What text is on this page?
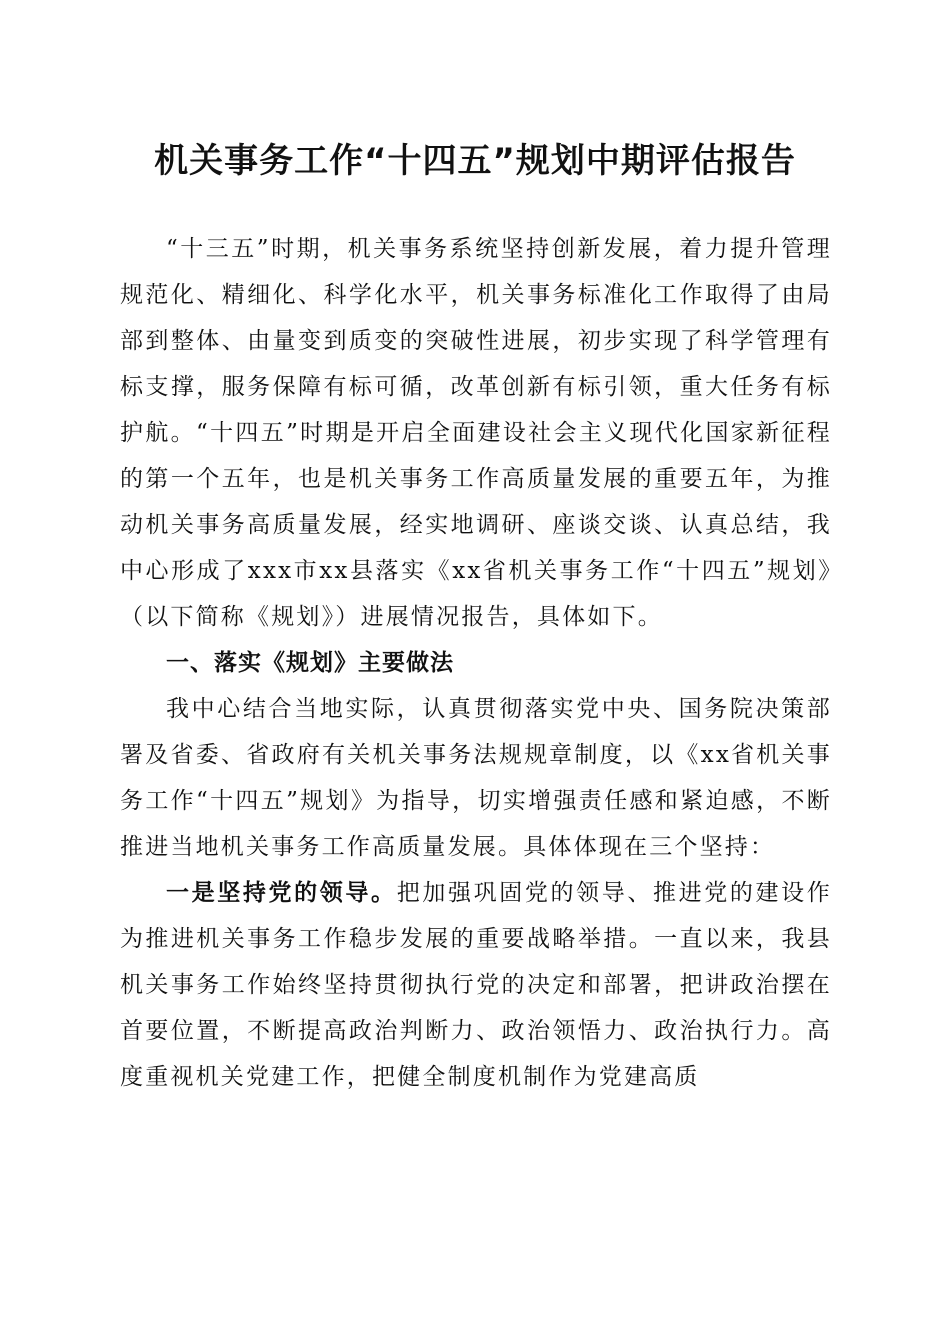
机关事务工作“十四五”规划中期评估报告

“十三五”时期，机关事务系统坚持创新发展，着力提升管理规范化、精细化、科学化水平，机关事务标准化工作取得了由局部到整体、由量变到质变的突破性进展，初步实现了科学管理有标支撑，服务保障有标可循，改革创新有标引领，重大任务有标护航。“十四五”时期是开启全面建设社会主义现代化国家新征程的第一个五年，也是机关事务工作高质量发展的重要五年，为推动机关事务高质量发展，经实地调研、座谈交谈、认真总结，我中心形成了xxx市xx县落实《xx省机关事务工作“十四五”规划》（以下简称《规划》）进展情况报告，具体如下。

一、落实《规划》主要做法

我中心结合当地实际，认真贯彻落实党中央、国务院决策部署及省委、省政府有关机关事务法规规章制度，以《xx省机关事务工作“十四五”规划》为指导，切实增强责任感和紧迫感，不断推进当地机关事务工作高质量发展。具体体现在三个坚持：

一是坚持党的领导。把加强巩固党的领导、推进党的建设作为推进机关事务工作稳步发展的重要战略举措。一直以来，我县机关事务工作始终坚持贯彻执行党的决定和部署，把讲政治摆在首要位置，不断提高政治判断力、政治领悟力、政治执行力。高度重视机关党建工作，把健全制度机制作为党建高质
